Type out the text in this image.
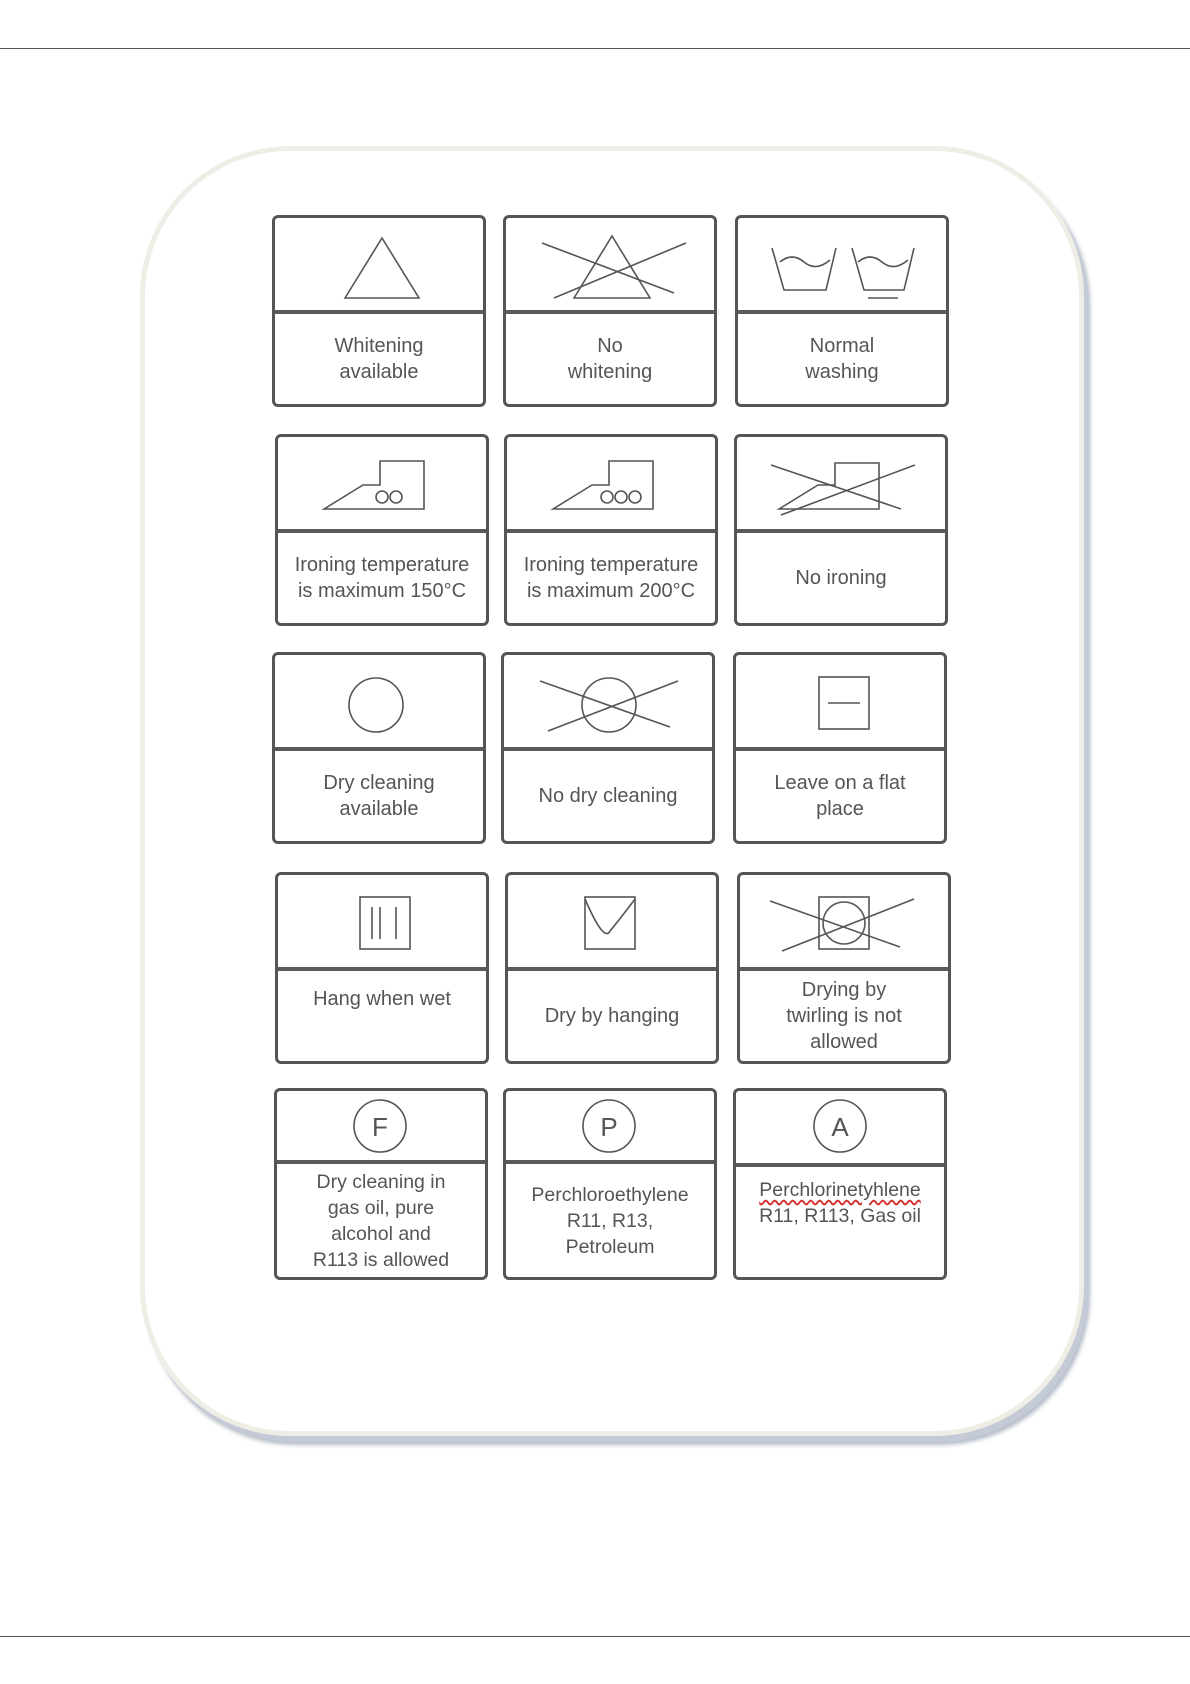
Whitening
available
No
whitening
Normal
washing
Ironing temperature
is maximum 150°C
Ironing temperature
is maximum 200°C
No ironing
Dry cleaning
available
No dry cleaning
Leave on a flat
place
Hang when wet
Dry by hanging
Drying by
twirling is not
allowed
F
Dry cleaning in
gas oil, pure
alcohol and
R113 is allowed
P
Perchloroethylene
R11, R13,
Petroleum
A
Perchlorinetyhlene
R11, R113, Gas oil
